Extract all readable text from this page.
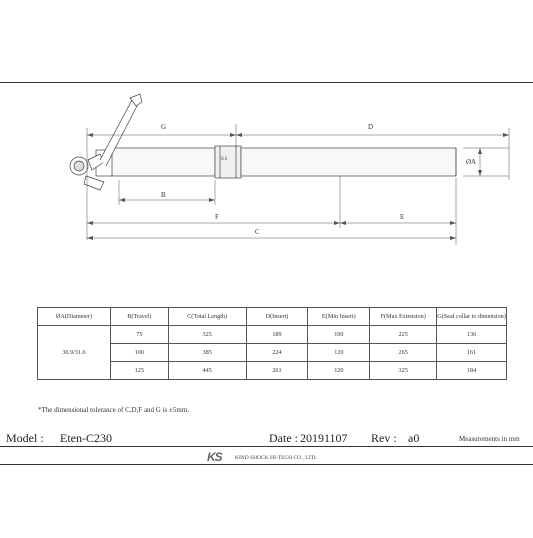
G	D
ØA
B
F	E
C
KS
ØA(Diameter)	B(Travel)	C(Total Length)	D(Insert)	E(Min Insert)	F(Max Extension)	G(Seal collar to dimension)
30.9/31.6	75	325	189	100	225	136
	100	385	224	120	265	161
	125	445	261	120	325	184
*The dimensional tolerance of C,D,F and G is ±5mm.
Model : Eten-C230	Date : 20191107 Rev : a0	Measurements in mm
KS KIND SHOCK HI-TECH CO., LTD.
